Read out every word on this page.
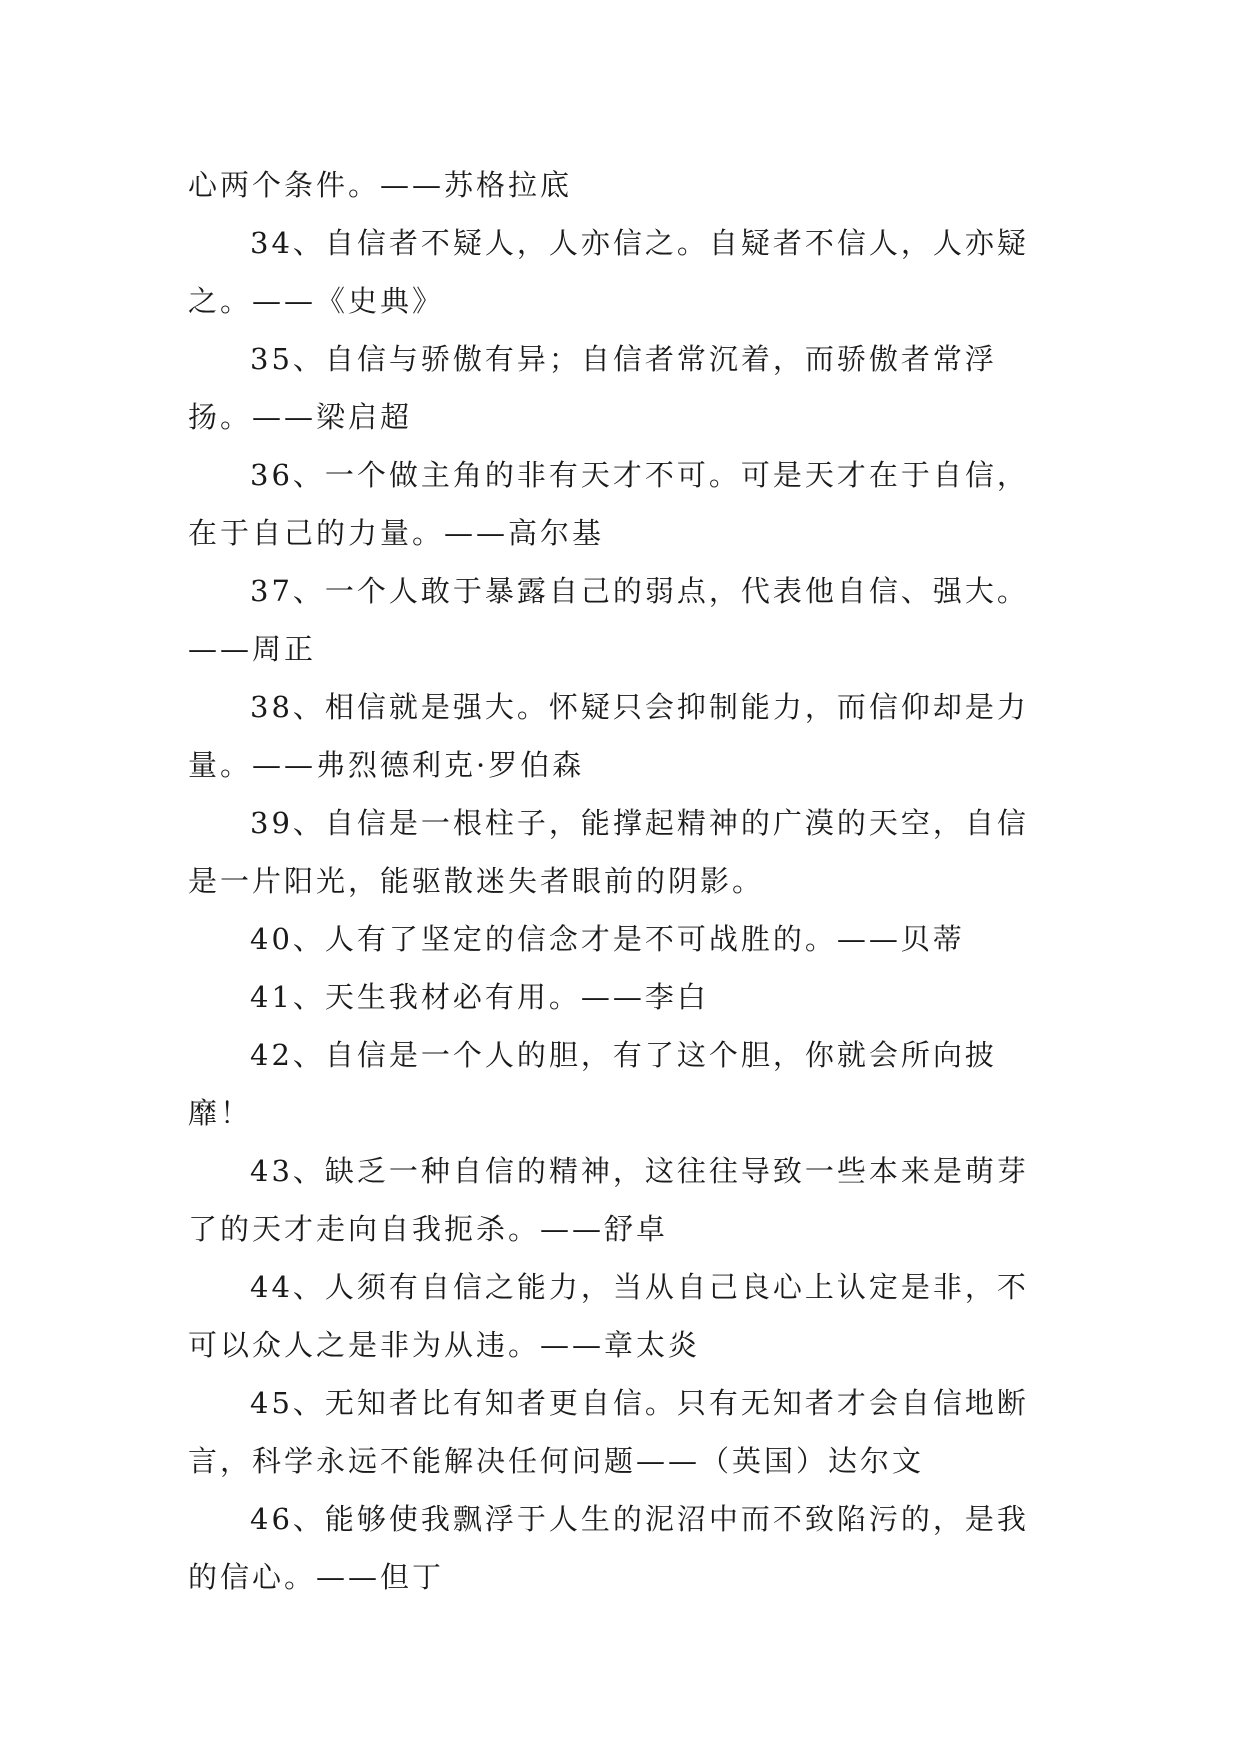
心两个条件。——苏格拉底

34、自信者不疑人，人亦信之。自疑者不信人，人亦疑之。——《史典》

35、自信与骄傲有异；自信者常沉着，而骄傲者常浮扬。——梁启超

36、一个做主角的非有天才不可。可是天才在于自信，在于自己的力量。——高尔基

37、一个人敢于暴露自己的弱点，代表他自信、强大。——周正

38、相信就是强大。怀疑只会抑制能力，而信仰却是力量。——弗烈德利克·罗伯森

39、自信是一根柱子，能撑起精神的广漠的天空，自信是一片阳光，能驱散迷失者眼前的阴影。

40、人有了坚定的信念才是不可战胜的。——贝蒂

41、天生我材必有用。——李白

42、自信是一个人的胆，有了这个胆，你就会所向披靡！

43、缺乏一种自信的精神，这往往导致一些本来是萌芽了的天才走向自我扼杀。——舒卓

44、人须有自信之能力，当从自己良心上认定是非，不可以众人之是非为从违。——章太炎

45、无知者比有知者更自信。只有无知者才会自信地断言，科学永远不能解决任何问题——（英国）达尔文

46、能够使我飘浮于人生的泥沼中而不致陷污的，是我的信心。——但丁
